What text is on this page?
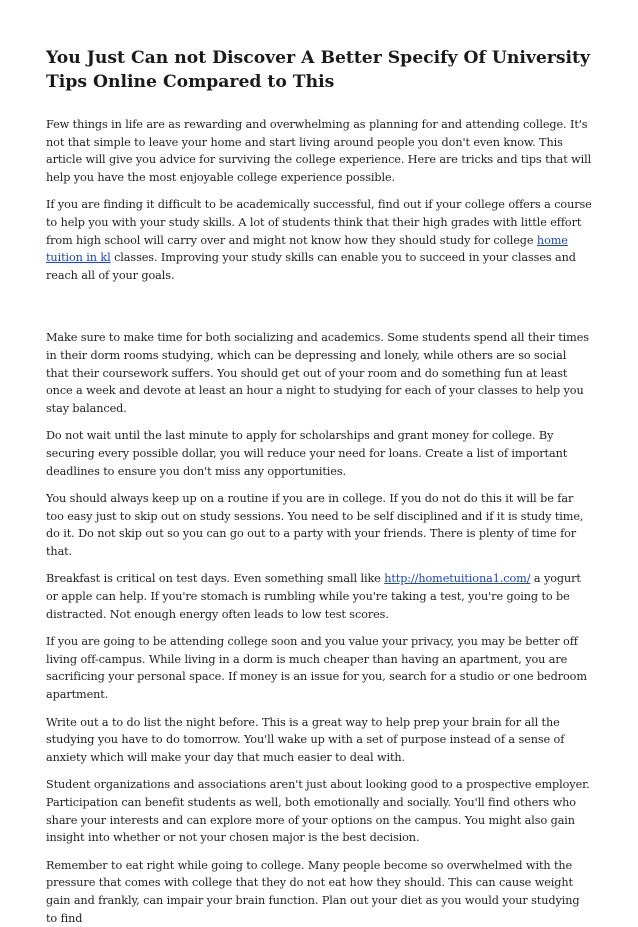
You Just Can not Discover A Better Specify Of University Tips Online Compared to This

Few things in life are as rewarding and overwhelming as planning for and attending college. It's not that simple to leave your home and start living around people you don't even know. This article will give you advice for surviving the college experience. Here are tricks and tips that will help you have the most enjoyable college experience possible.

If you are finding it difficult to be academically successful, find out if your college offers a course to help you with your study skills. A lot of students think that their high grades with little effort from high school will carry over and might not know how they should study for college home tuition in kl classes. Improving your study skills can enable you to succeed in your classes and reach all of your goals.

Make sure to make time for both socializing and academics. Some students spend all their times in their dorm rooms studying, which can be depressing and lonely, while others are so social that their coursework suffers. You should get out of your room and do something fun at least once a week and devote at least an hour a night to studying for each of your classes to help you stay balanced.

Do not wait until the last minute to apply for scholarships and grant money for college. By securing every possible dollar, you will reduce your need for loans. Create a list of important deadlines to ensure you don't miss any opportunities.

You should always keep up on a routine if you are in college. If you do not do this it will be far too easy just to skip out on study sessions. You need to be self disciplined and if it is study time, do it. Do not skip out so you can go out to a party with your friends. There is plenty of time for that.

Breakfast is critical on test days. Even something small like http://hometuitiona1.com/ a yogurt or apple can help. If you're stomach is rumbling while you're taking a test, you're going to be distracted. Not enough energy often leads to low test scores.

If you are going to be attending college soon and you value your privacy, you may be better off living off-campus. While living in a dorm is much cheaper than having an apartment, you are sacrificing your personal space. If money is an issue for you, search for a studio or one bedroom apartment.

Write out a to do list the night before. This is a great way to help prep your brain for all the studying you have to do tomorrow. You'll wake up with a set of purpose instead of a sense of anxiety which will make your day that much easier to deal with.

Student organizations and associations aren't just about looking good to a prospective employer. Participation can benefit students as well, both emotionally and socially. You'll find others who share your interests and can explore more of your options on the campus. You might also gain insight into whether or not your chosen major is the best decision.

Remember to eat right while going to college. Many people become so overwhelmed with the pressure that comes with college that they do not eat how they should. This can cause weight gain and frankly, can impair your brain function. Plan out your diet as you would your studying to find
